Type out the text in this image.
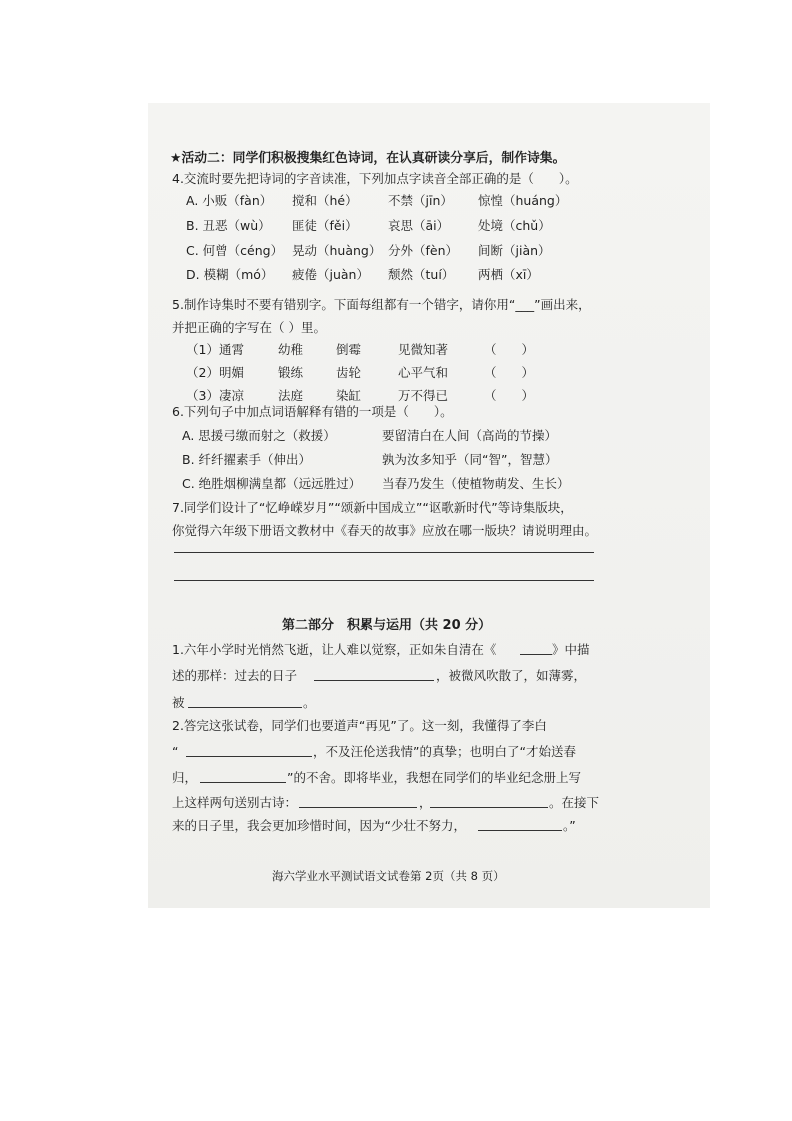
★活动二：同学们积极搜集红色诗词，在认真研读分享后，制作诗集。
4.交流时要先把诗词的字音读准，下列加点字读音全部正确的是（　　）。
A. 小贩（fàn） 搅和（hé） 不禁（jīn） 惊惶（huáng）
B. 丑恶（wù） 匪徒（fěi） 哀思（āi） 处境（chǔ）
C. 何曾（céng） 晃动（huàng） 分外（fèn） 间断（jiàn）
D. 模糊（mó） 疲倦（juàn） 颓然（tuí） 两栖（xī）
5.制作诗集时不要有错别字。下面每组都有一个错字，请你用“___”画出来，
并把正确的字写在（ ）里。
（1）通霄	幼稚	倒霉	见微知著	（　　）
（2）明媚	锻练	齿轮	心平气和	（　　）
（3）凄凉	法庭	染缸	万不得已	（　　）
6.下列句子中加点词语解释有错的一项是（　　）。
A. 思援弓缴而射之（救援）	要留清白在人间（高尚的节操）
B. 纤纤擢素手（伸出）	孰为汝多知乎（同“智”，智慧）
C. 绝胜烟柳满皇都（远远胜过） 当春乃发生（使植物萌发、生长）
7.同学们设计了“忆峥嵘岁月”“颂新中国成立”“讴歌新时代”等诗集版块，
你觉得六年级下册语文教材中《春天的故事》应放在哪一版块？请说明理由。
第二部分　积累与运用（共 20 分）
1.六年小学时光悄然飞逝，让人难以觉察，正如朱自清在《	》中描
述的那样：过去的日子	，被微风吹散了，如薄雾，
被	。
2.答完这张试卷，同学们也要道声“再见”了。这一刻，我懂得了李白
“	，不及汪伦送我情”的真挚；也明白了“才始送春
归，	”的不舍。即将毕业，我想在同学们的毕业纪念册上写
上这样两句送别古诗：	，	。在接下
来的日子里，我会更加珍惜时间，因为“少壮不努力，	。”
海六学业水平测试语文试卷第 2页（共 8 页）
